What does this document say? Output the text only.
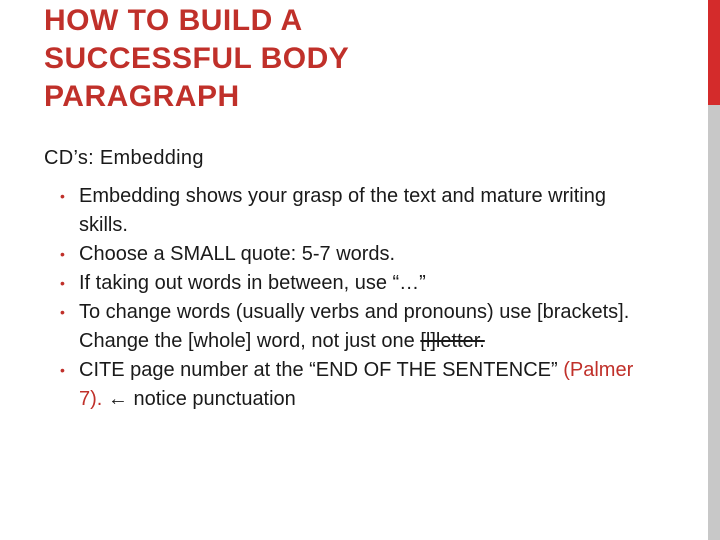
HOW TO BUILD A
SUCCESSFUL BODY
PARAGRAPH

CD’s: Embedding

• Embedding shows your grasp of the text and mature writing skills.
• Choose a SMALL quote: 5-7 words.
• If taking out words in between, use “…”
• To change words (usually verbs and pronouns) use [brackets]. Change the [whole] word, not just one [l]letter.
• CITE page number at the “END OF THE SENTENCE” (Palmer 7). ← notice punctuation
